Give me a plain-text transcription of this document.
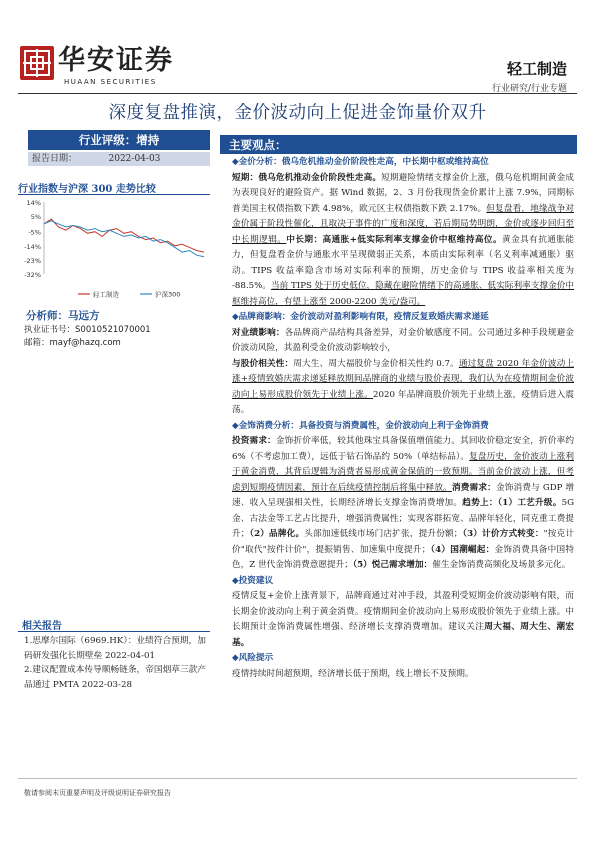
华安证券
HUAAN SECURITIES
轻工制造
行业研究/行业专题
深度复盘推演，金价波动向上促进金饰量价双升
行业评级：增持
报告日期：	2022-04-03
行业指数与沪深 300 走势比较
14%
5%
-5%
-14%
-23%
-32%
轻工制造	沪深300
分析师：马远方
执业证书号：S0010521070001
邮箱：mayf@hazq.com
相关报告
1.思摩尔国际（6969.HK）：业绩符合预期，加码研发强化长期壁垒 2022-04-01
2.建议配置成本传导顺畅链条，帝国烟草三款产品通过 PMTA 2022-03-28
主要观点：

◆金价分析：俄乌危机推动金价阶段性走高，中长期中枢或维持高位

短期：俄乌危机推动金价阶段性走高。短期避险情绪支撑金价上涨，俄乌危机期间黄金成为表现良好的避险资产。据 Wind 数据，2、3 月份我现货金价累计上涨 7.9%，同期标普美国主权债指数下跌 4.98%，欧元区主权债指数下跌 2.17%。但复盘看，地缘战争对金价属于阶段性催化，且取决于事件的广度和深度，若后期局势明朗，金价或逐步回归至中长期逻辑。中长期：高通胀+低实际利率支撑金价中枢维持高位。黄金具有抗通胀能力，但复盘看金价与通胀水平呈现微弱正关系，本质由实际利率（名义利率减通胀）驱动。TIPS 收益率隐含市场对实际利率的预期，历史金价与 TIPS 收益率相关度为 -88.5%。当前 TIPS 处于历史低位，隐藏在避险情绪下的高通胀、低实际利率支撑金价中枢维持高位，有望上涨至 2000-2200 美元/盎司。

◆品牌商影响：金价波动对盈利影响有限，疫情反复致婚庆需求递延

对业绩影响：各品牌商产品结构具备差异，对金价敏感度不同。公司通过多种手段规避金价波动风险，其盈利受金价波动影响较小，
与股价相关性：周大生、周大福股价与金价相关性约 0.7。通过复盘 2020 年金价波动上涨+疫情致婚庆需求递延释放期间品牌商的业绩与股价表现，我们认为在疫情期间金价波动向上易形成股价领先于业绩上涨。2020 年品牌商股价领先于业绩上涨，疫情后进入震荡。

◆金饰消费分析：具备投资与消费属性，金价波动向上利于金饰消费

投资需求：金饰折价率低，较其他珠宝具备保值增值能力。其回收价稳定安全，折价率约 6%（不考虑加工费），远低于钻石饰品约 50%（单结标品）。复盘历史，金价波动上涨利于黄金消费，其背后逻辑为消费者易形成黄金保值的一致预期。当前金价波动上涨，但考虑到短期疫情因素，预计在后续疫情控制后将集中释放。消费需求：金饰消费与 GDP 增速、收入呈现强相关性，长期经济增长支撑金饰消费增加。趋势上：（1）工艺升级。5G 金、古法金等工艺占比提升，增强消费属性；实现客群拓宽、品牌年轻化，同克重工费提升；（2）品牌化。头部加速低线市场门店扩张，提升份额；（3）计价方式转变："按克计价"取代"按件计价"，提振销售、加速集中度提升；（4）国潮崛起：金饰消费具备中国特色，Z 世代金饰消费意愿提升；（5）悦己需求增加：催生金饰消费高频化及场景多元化。

◆投资建议

疫情反复+金价上涨背景下，品牌商通过对冲手段，其盈利受短期金价波动影响有限，而长期金价波动向上利于黄金消费。疫情期间金价波动向上易形成股价领先于业绩上涨。中长期预计金饰消费属性增强、经济增长支撑消费增加。建议关注周大福、周大生、潮宏基。

◆风险提示

疫情持续时间超预期，经济增长低于预期，线上增长不及预期。

敬请参阅末页重要声明及评级说明证券研究报告
